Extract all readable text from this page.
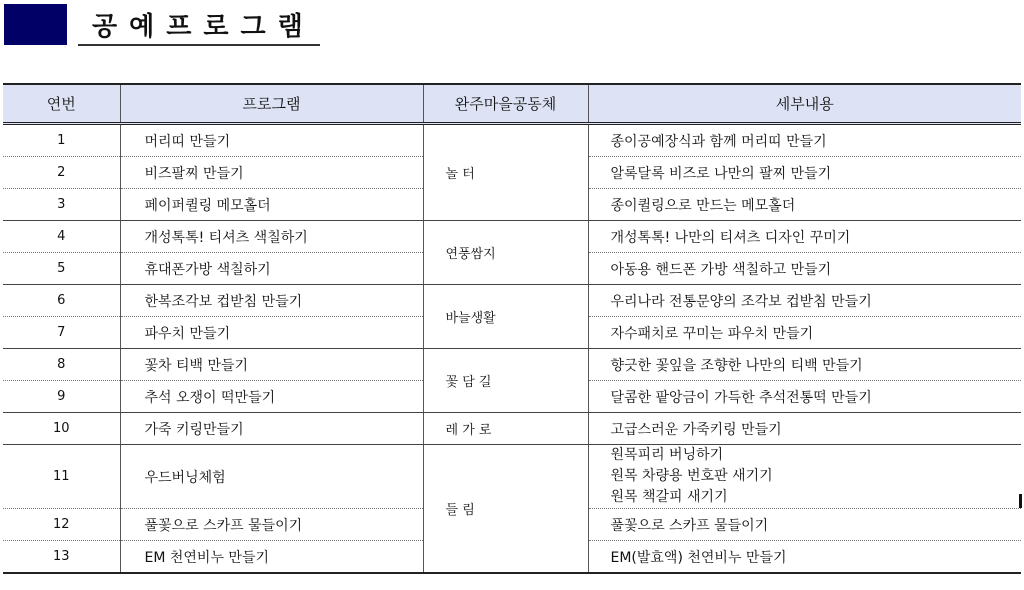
공예프로그램
연번	프로그램	완주마을공동체	세부내용
1	머리띠 만들기	놀 터	종이공예장식과 함께 머리띠 만들기
2	비즈팔찌 만들기		알록달록 비즈로 나만의 팔찌 만들기
3	페이퍼퀼링 메모홀더		종이퀼링으로 만드는 메모홀더
4	개성톡톡! 티셔츠 색칠하기	연풍쌈지	개성톡톡! 나만의 티셔츠 디자인 꾸미기
5	휴대폰가방 색칠하기		아동용 핸드폰 가방 색칠하고 만들기
6	한복조각보 컵받침 만들기	바늘생활	우리나라 전통문양의 조각보 컵받침 만들기
7	파우치 만들기		자수패치로 꾸미는 파우치 만들기
8	꽃차 티백 만들기	꽃 담 길	향긋한 꽃잎을 조향한 나만의 티백 만들기
9	추석 오쟁이 떡만들기		달콤한 팥앙금이 가득한 추석전통떡 만들기
10	가죽 키링만들기	레 가 로	고급스러운 가죽키링 만들기
11	우드버닝체험	들 림	원목피리 버닝하기
원목 차량용 번호판 새기기
원목 책갈피 새기기

12	풀꽃으로 스카프 물들이기		풀꽃으로 스카프 물들이기
13	EM 천연비누 만들기		EM(발효액) 천연비누 만들기
